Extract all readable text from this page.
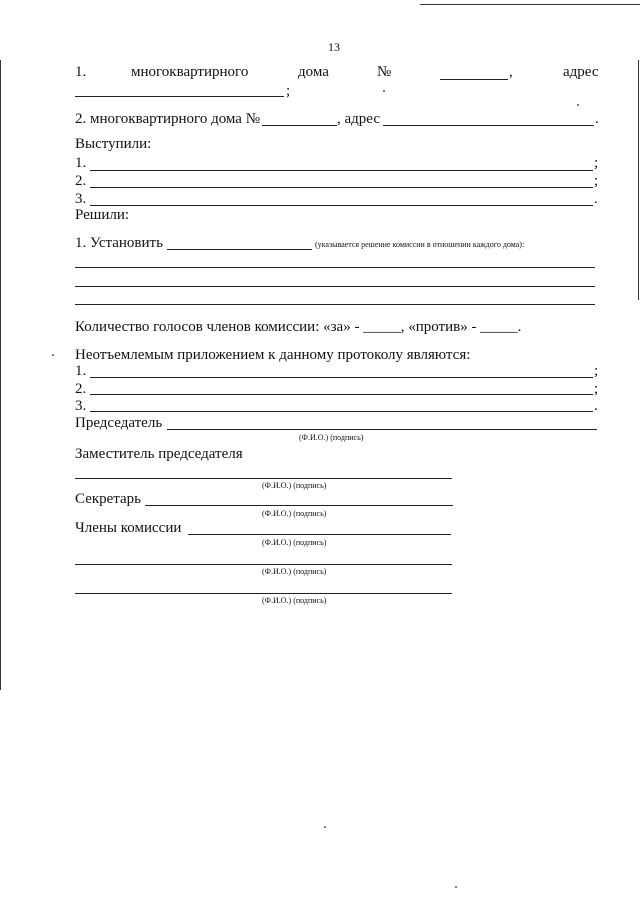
13
1.	многоквартирного	дома	№	,	адрес
;
2. многоквартирного дома №	, адрес	.
Выступили:
1.	;
2.	;
3.	.
Решили:
1. Установить	(указывается решение комиссии в отношении каждого дома):
Количество голосов членов комиссии: «за» - _____, «против» - _____.
Неотъемлемым приложением к данному протоколу являются:
1.	;
2.	;
3.	.
Председатель
(Ф.И.О.) (подпись)
Заместитель председателя
(Ф.И.О.) (подпись)
Секретарь
(Ф.И.О.) (подпись)
Члены комиссии
(Ф.И.О.) (подпись)
(Ф.И.О.) (подпись)
(Ф.И.О.) (подпись)
